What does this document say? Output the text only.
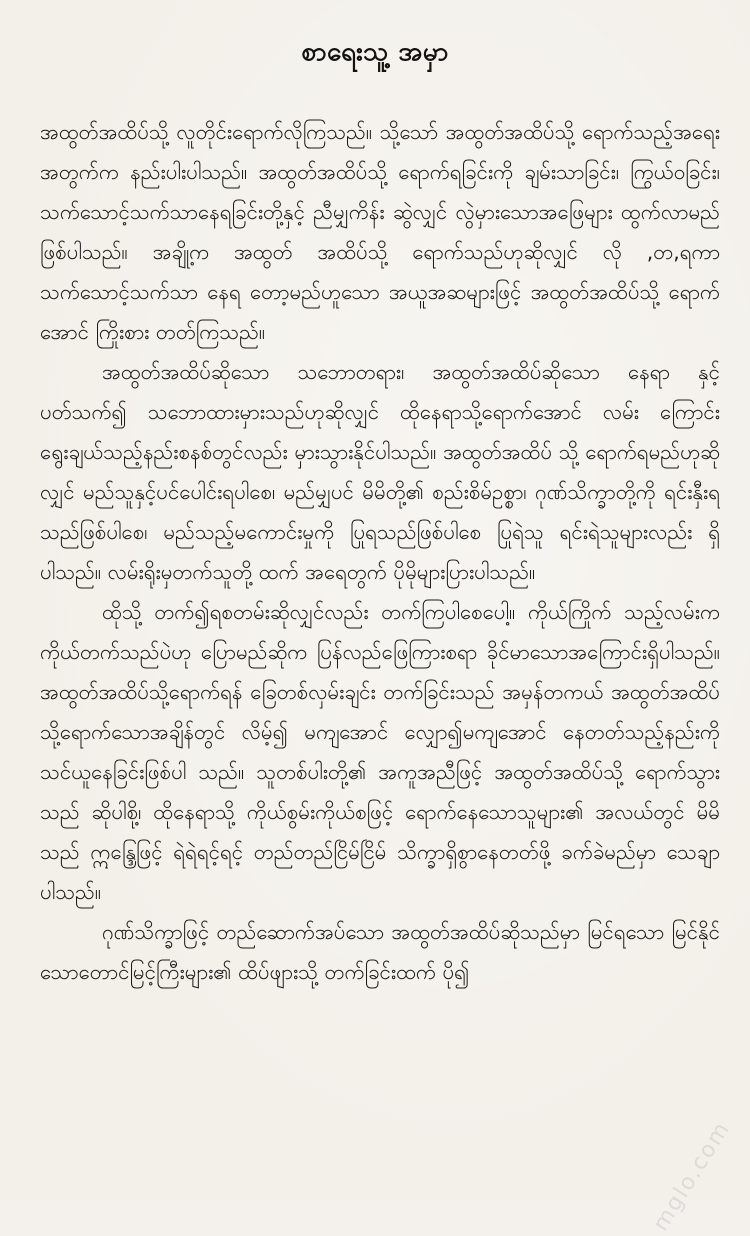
စာရေးသူ့ အမှာ

အထွတ်အထိပ်သို့ လူတိုင်းရောက်လိုကြသည်။ သို့သော် အထွတ်အထိပ်သို့ ရောက်သည့်အရေးအတွက်က နည်းပါးပါသည်။ အထွတ်အထိပ်သို့ ရောက်ရခြင်းကို ချမ်းသာခြင်း၊ ကြွယ်ဝခြင်း၊ သက်သောင့်သက်သာနေရခြင်းတို့နှင့် ညီမျှကိန်း ဆွဲလျှင် လွဲမှားသောအဖြေများ ထွက်လာမည်ဖြစ်ပါသည်။ အချို့က အထွတ် အထိပ်သို့ ရောက်သည်ဟုဆိုလျှင် လို ,တ,ရကာ သက်သောင့်သက်သာ နေရ တော့မည်ဟူသော အယူအဆများဖြင့် အထွတ်အထိပ်သို့ ရောက်အောင် ကြိုးစား တတ်ကြသည်။

အထွတ်အထိပ်ဆိုသော သဘောတရား၊ အထွတ်အထိပ်ဆိုသော နေရာ နှင့်ပတ်သက်၍ သဘောထားမှားသည်ဟုဆိုလျှင် ထိုနေရာသို့ရောက်အောင် လမ်း ကြောင်းရွေးချယ်သည့်နည်းစနစ်တွင်လည်း မှားသွားနိုင်ပါသည်။ အထွတ်အထိပ် သို့ ရောက်ရမည်ဟုဆိုလျှင် မည်သူနှင့်ပင်ပေါင်းရပါစေ၊ မည်မျှပင် မိမိတို့၏ စည်းစိမ်ဥစ္စာ၊ ဂုဏ်သိက္ခာတို့ကို ရင်းနှီးရသည်ဖြစ်ပါစေ၊ မည်သည့်မကောင်းမှုကို ပြုရသည်ဖြစ်ပါစေ ပြုရဲသူ ရင်းရဲသူများလည်း ရှိပါသည်။ လမ်းရိုးမှတက်သူတို့ ထက် အရေတွက် ပိုမိုများပြားပါသည်။

ထိုသို့ တက်၍ရစတမ်းဆိုလျှင်လည်း တက်ကြပါစေပေါ့။ ကိုယ်ကြိုက် သည့်လမ်းက ကိုယ်တက်သည်ပဲဟု ပြောမည်ဆိုက ပြန်လည်ဖြေကြားစရာ ခိုင်မာသောအကြောင်းရှိပါသည်။ အထွတ်အထိပ်သို့ရောက်ရန် ခြေတစ်လှမ်းချင်း တက်ခြင်းသည် အမှန်တကယ် အထွတ်အထိပ်သို့ရောက်သောအချိန်တွင် လိမ့်၍ မကျအောင် လျှော၍မကျအောင် နေတတ်သည့်နည်းကို သင်ယူနေခြင်းဖြစ်ပါ သည်။ သူတစ်ပါးတို့၏ အကူအညီဖြင့် အထွတ်အထိပ်သို့ ရောက်သွားသည် ဆိုပါစို့၊ ထိုနေရာသို့ ကိုယ်စွမ်းကိုယ်စဖြင့် ရောက်နေသောသူများ၏ အလယ်တွင် မိမိသည် ဣန္ဒြေဖြင့် ရဲရဲရင့်ရင့် တည်တည်ငြိမ်ငြိမ် သိက္ခာရှိစွာနေတတ်ဖို့ ခက်ခဲမည်မှာ သေချာပါသည်။

ဂုဏ်သိက္ခာဖြင့် တည်ဆောက်အပ်သော အထွတ်အထိပ်ဆိုသည်မှာ မြင်ရသော မြင်နိုင်သောတောင်မြင့်ကြီးများ၏ ထိပ်ဖျားသို့ တက်ခြင်းထက် ပို၍

mglo.com
